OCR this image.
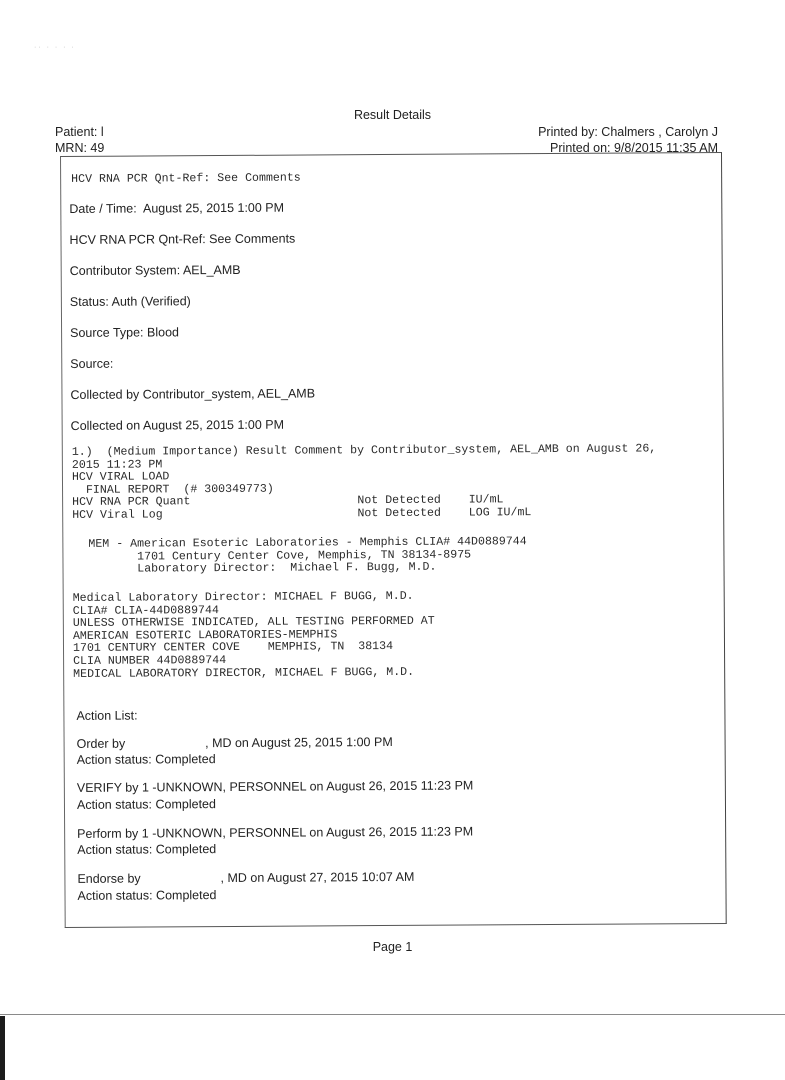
·· · · · ·
Result Details
Patient: l
MRN: 49
Printed by: Chalmers , Carolyn J
Printed on: 9/8/2015 11:35 AM
HCV RNA PCR Qnt-Ref: See Comments
Date / Time:  August 25, 2015 1:00 PM
HCV RNA PCR Qnt-Ref: See Comments
Contributor System: AEL_AMB
Status: Auth (Verified)
Source Type: Blood
Source:
Collected by Contributor_system, AEL_AMB
Collected on August 25, 2015 1:00 PM
1.)  (Medium Importance) Result Comment by Contributor_system, AEL_AMB on August 26,
2015 11:23 PM
HCV VIRAL LOAD
FINAL REPORT  (# 300349773)
HCV RNA PCR Quant                        Not Detected    IU/mL
HCV Viral Log                            Not Detected    LOG IU/mL
MEM - American Esoteric Laboratories - Memphis CLIA# 44D0889744
1701 Century Center Cove, Memphis, TN 38134-8975
Laboratory Director:  Michael F. Bugg, M.D.
Medical Laboratory Director: MICHAEL F BUGG, M.D.
CLIA# CLIA-44D0889744
UNLESS OTHERWISE INDICATED, ALL TESTING PERFORMED AT
AMERICAN ESOTERIC LABORATORIES-MEMPHIS
1701 CENTURY CENTER COVE    MEMPHIS, TN  38134
CLIA NUMBER 44D0889744
MEDICAL LABORATORY DIRECTOR, MICHAEL F BUGG, M.D.
Action List:
Order by                       , MD on August 25, 2015 1:00 PM
Action status: Completed
VERIFY by 1 -UNKNOWN, PERSONNEL on August 26, 2015 11:23 PM
Action status: Completed
Perform by 1 -UNKNOWN, PERSONNEL on August 26, 2015 11:23 PM
Action status: Completed
Endorse by                       , MD on August 27, 2015 10:07 AM
Action status: Completed
Page 1
